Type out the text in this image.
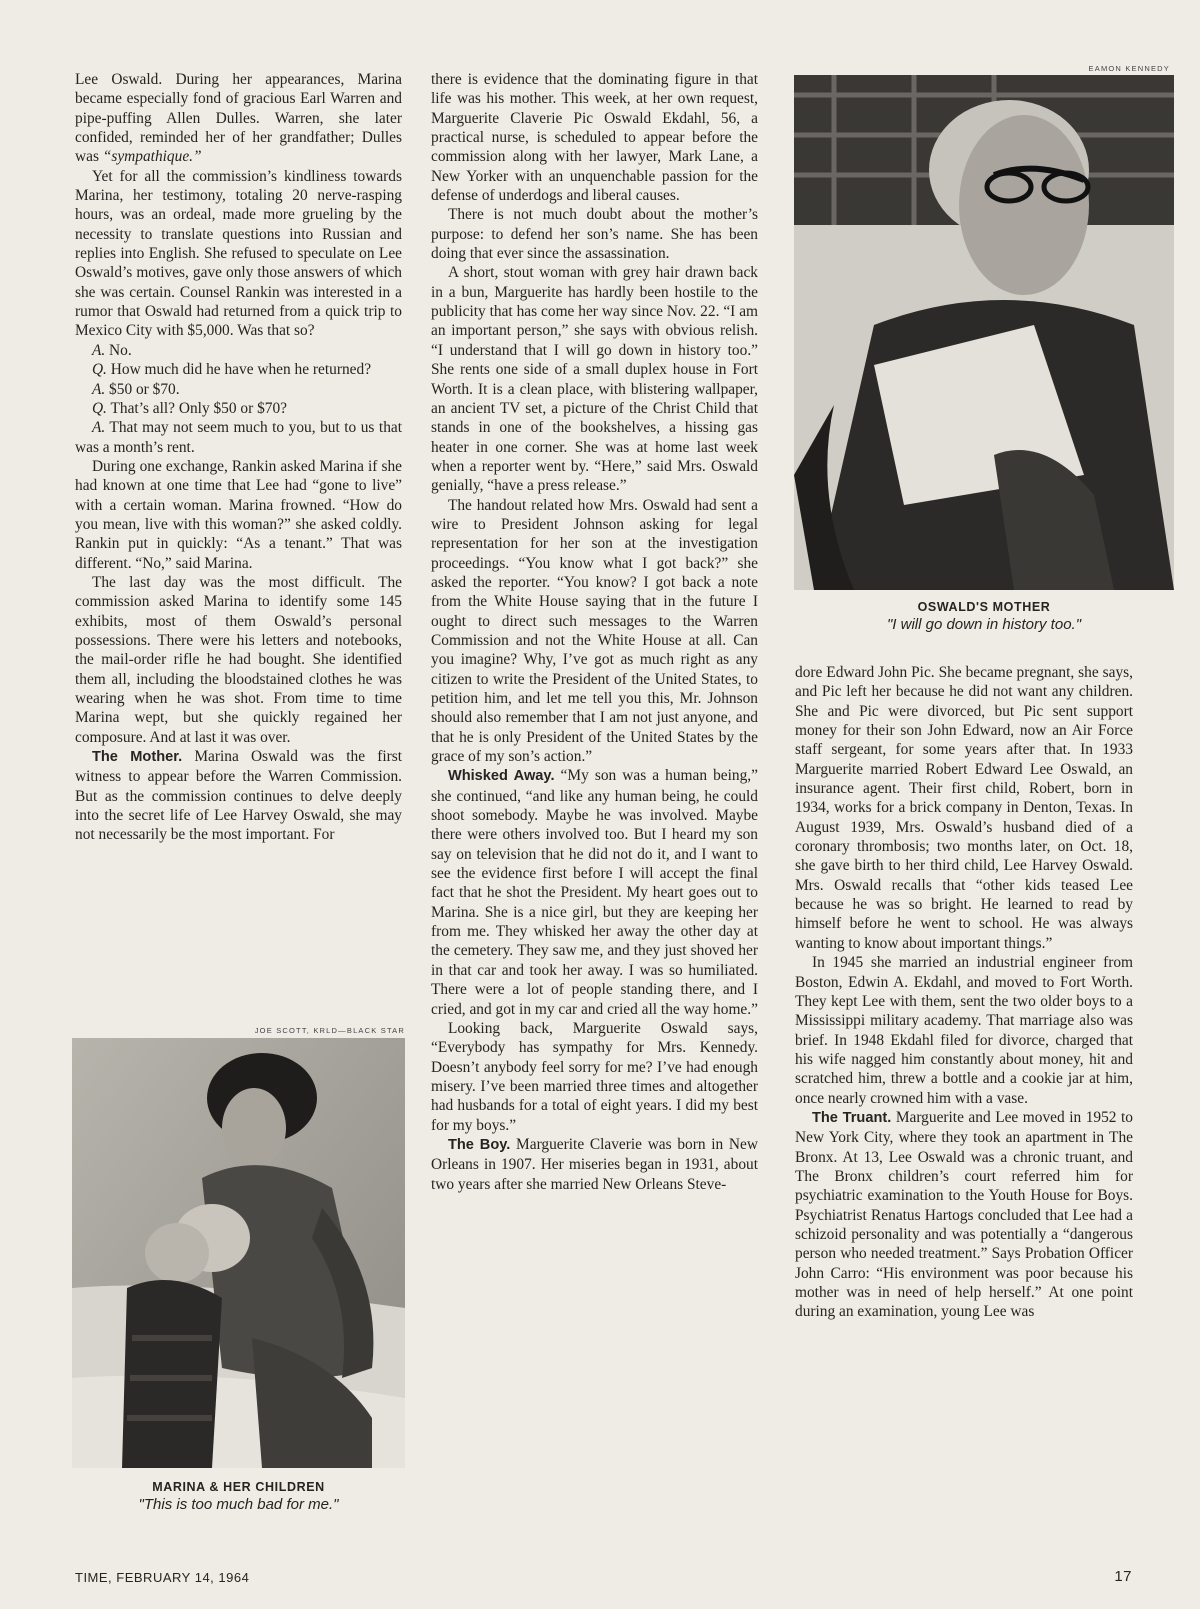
Lee Oswald. During her appearances, Marina became especially fond of gracious Earl Warren and pipe-puffing Allen Dulles. Warren, she later confided, reminded her of her grandfather; Dulles was “sympathique.”

Yet for all the commission’s kindliness towards Marina, her testimony, totaling 20 nerve-rasping hours, was an ordeal, made more grueling by the necessity to translate questions into Russian and replies into English. She refused to speculate on Lee Oswald’s motives, gave only those answers of which she was certain. Counsel Rankin was interested in a rumor that Oswald had returned from a quick trip to Mexico City with $5,000. Was that so?

A. No.

Q. How much did he have when he returned?

A. $50 or $70.

Q. That’s all? Only $50 or $70?

A. That may not seem much to you, but to us that was a month’s rent.

During one exchange, Rankin asked Marina if she had known at one time that Lee had “gone to live” with a certain woman. Marina frowned. “How do you mean, live with this woman?” she asked coldly. Rankin put in quickly: “As a tenant.” That was different. “No,” said Marina.

The last day was the most difficult. The commission asked Marina to identify some 145 exhibits, most of them Oswald’s personal possessions. There were his letters and notebooks, the mail-order rifle he had bought. She identified them all, including the bloodstained clothes he was wearing when he was shot. From time to time Marina wept, but she quickly regained her composure. And at last it was over.

The Mother. Marina Oswald was the first witness to appear before the Warren Commission. But as the commission continues to delve deeply into the secret life of Lee Harvey Oswald, she may not necessarily be the most important. For

JOE SCOTT, KRLD—BLACK STAR
MARINA & HER CHILDREN
"This is too much bad for me."

there is evidence that the dominating figure in that life was his mother. This week, at her own request, Marguerite Claverie Pic Oswald Ekdahl, 56, a practical nurse, is scheduled to appear before the commission along with her lawyer, Mark Lane, a New Yorker with an unquenchable passion for the defense of underdogs and liberal causes.

There is not much doubt about the mother’s purpose: to defend her son’s name. She has been doing that ever since the assassination.

A short, stout woman with grey hair drawn back in a bun, Marguerite has hardly been hostile to the publicity that has come her way since Nov. 22. “I am an important person,” she says with obvious relish. “I understand that I will go down in history too.” She rents one side of a small duplex house in Fort Worth. It is a clean place, with blistering wallpaper, an ancient TV set, a picture of the Christ Child that stands in one of the bookshelves, a hissing gas heater in one corner. She was at home last week when a reporter went by. “Here,” said Mrs. Oswald genially, “have a press release.”

The handout related how Mrs. Oswald had sent a wire to President Johnson asking for legal representation for her son at the investigation proceedings. “You know what I got back?” she asked the reporter. “You know? I got back a note from the White House saying that in the future I ought to direct such messages to the Warren Commission and not the White House at all. Can you imagine? Why, I’ve got as much right as any citizen to write the President of the United States, to petition him, and let me tell you this, Mr. Johnson should also remember that I am not just anyone, and that he is only President of the United States by the grace of my son’s action.”

Whisked Away. “My son was a human being,” she continued, “and like any human being, he could shoot somebody. Maybe he was involved. Maybe there were others involved too. But I heard my son say on television that he did not do it, and I want to see the evidence first before I will accept the final fact that he shot the President. My heart goes out to Marina. She is a nice girl, but they are keeping her from me. They whisked her away the other day at the cemetery. They saw me, and they just shoved her in that car and took her away. I was so humiliated. There were a lot of people standing there, and I cried, and got in my car and cried all the way home.”

Looking back, Marguerite Oswald says, “Everybody has sympathy for Mrs. Kennedy. Doesn’t anybody feel sorry for me? I’ve had enough misery. I’ve been married three times and altogether had husbands for a total of eight years. I did my best for my boys.”

The Boy. Marguerite Claverie was born in New Orleans in 1907. Her miseries began in 1931, about two years after she married New Orleans Steve-

EAMON KENNEDY
OSWALD'S MOTHER
"I will go down in history too."

dore Edward John Pic. She became pregnant, she says, and Pic left her because he did not want any children. She and Pic were divorced, but Pic sent support money for their son John Edward, now an Air Force staff sergeant, for some years after that. In 1933 Marguerite married Robert Edward Lee Oswald, an insurance agent. Their first child, Robert, born in 1934, works for a brick company in Denton, Texas. In August 1939, Mrs. Oswald’s husband died of a coronary thrombosis; two months later, on Oct. 18, she gave birth to her third child, Lee Harvey Oswald. Mrs. Oswald recalls that “other kids teased Lee because he was so bright. He learned to read by himself before he went to school. He was always wanting to know about important things.”

In 1945 she married an industrial engineer from Boston, Edwin A. Ekdahl, and moved to Fort Worth. They kept Lee with them, sent the two older boys to a Mississippi military academy. That marriage also was brief. In 1948 Ekdahl filed for divorce, charged that his wife nagged him constantly about money, hit and scratched him, threw a bottle and a cookie jar at him, once nearly crowned him with a vase.

The Truant. Marguerite and Lee moved in 1952 to New York City, where they took an apartment in The Bronx. At 13, Lee Oswald was a chronic truant, and The Bronx children’s court referred him for psychiatric examination to the Youth House for Boys. Psychiatrist Renatus Hartogs concluded that Lee had a schizoid personality and was potentially a “dangerous person who needed treatment.” Says Probation Officer John Carro: “His environment was poor because his mother was in need of help herself.” At one point during an examination, young Lee was

TIME, FEBRUARY 14, 1964	17
